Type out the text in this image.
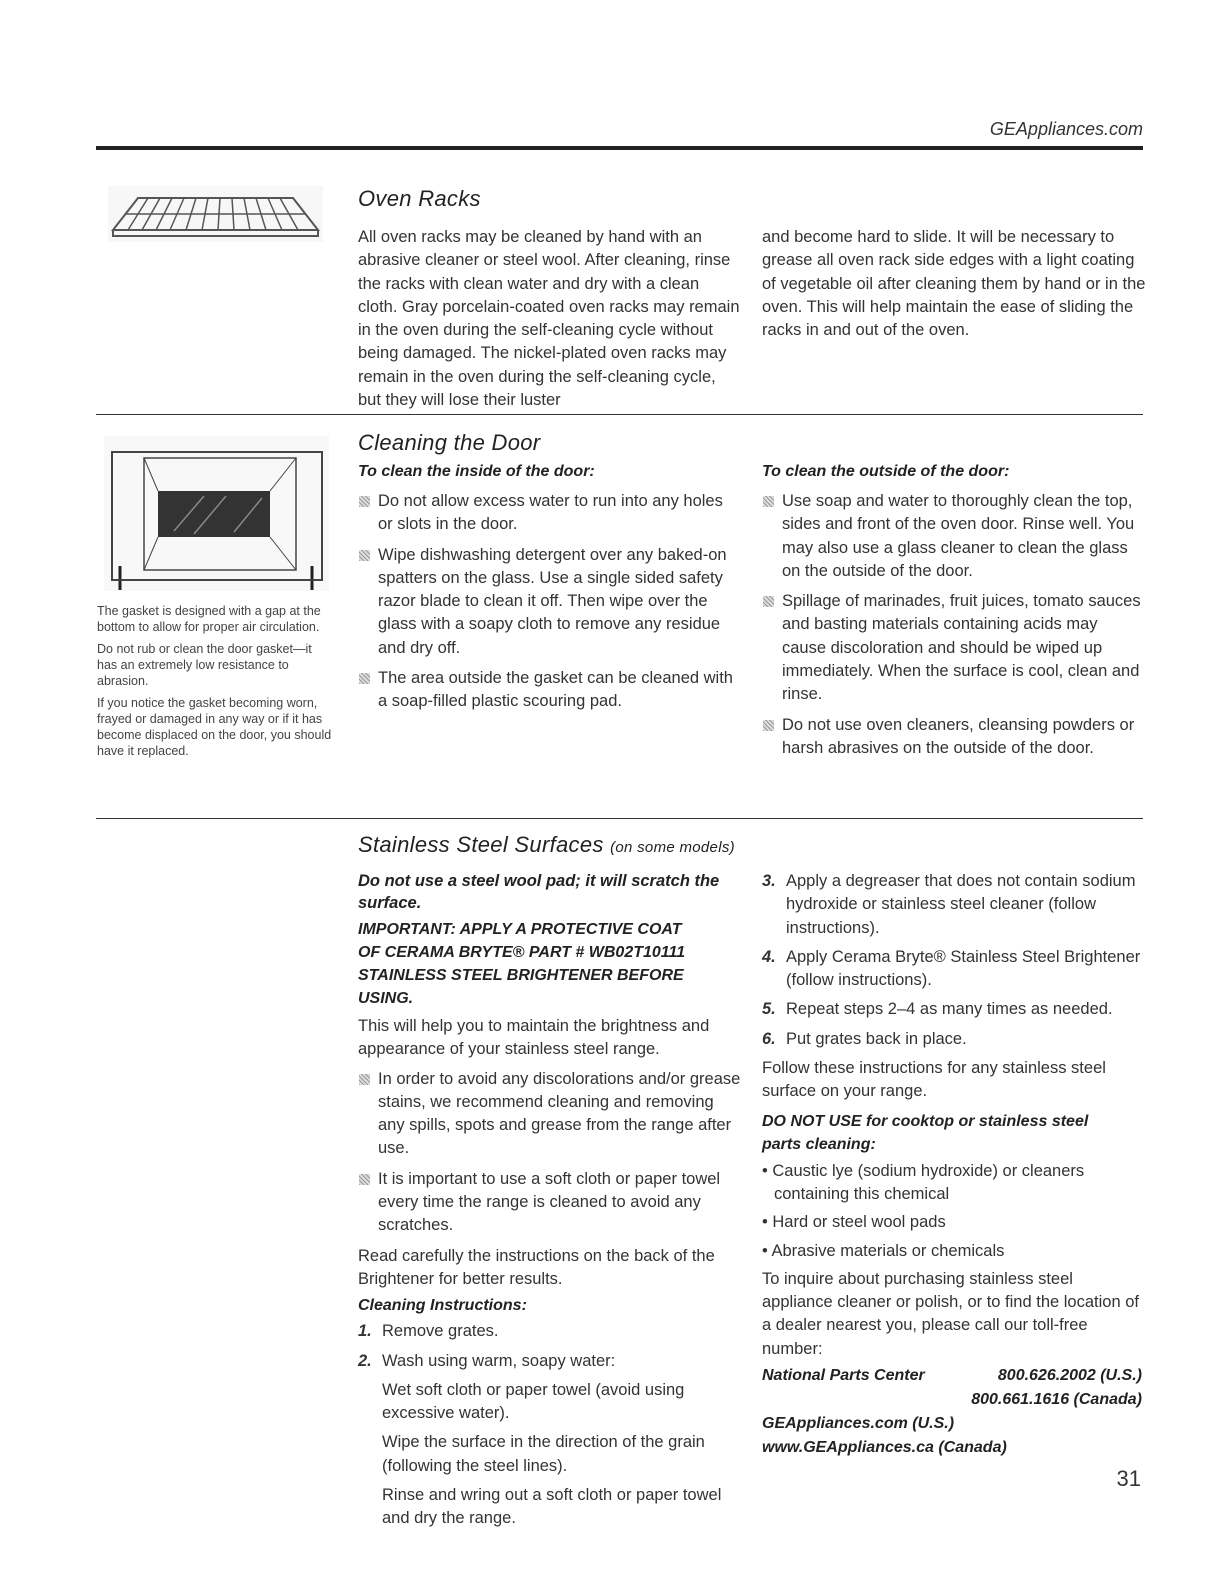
GEAppliances.com
Oven Racks
All oven racks may be cleaned by hand with an abrasive cleaner or steel wool. After cleaning, rinse the racks with clean water and dry with a clean cloth. Gray porcelain-coated oven racks may remain in the oven during the self-cleaning cycle without being damaged. The nickel-plated oven racks may remain in the oven during the self-cleaning cycle, but they will lose their luster
and become hard to slide. It will be necessary to grease all oven rack side edges with a light coating of vegetable oil after cleaning them by hand or in the oven. This will help maintain the ease of sliding the racks in and out of the oven.

The gasket is designed with a gap at the bottom to allow for proper air circulation.

Do not rub or clean the door gasket—it has an extremely low resistance to abrasion.

If you notice the gasket becoming worn, frayed or damaged in any way or if it has become displaced on the door, you should have it replaced.

Cleaning the Door
To clean the inside of the door:
Do not allow excess water to run into any holes or slots in the door.
Wipe dishwashing detergent over any baked-on spatters on the glass. Use a single sided safety razor blade to clean it off. Then wipe over the glass with a soapy cloth to remove any residue and dry off.
The area outside the gasket can be cleaned with a soap-filled plastic scouring pad.
To clean the outside of the door:
Use soap and water to thoroughly clean the top, sides and front of the oven door. Rinse well. You may also use a glass cleaner to clean the glass on the outside of the door.
Spillage of marinades, fruit juices, tomato sauces and basting materials containing acids may cause discoloration and should be wiped up immediately. When the surface is cool, clean and rinse.
Do not use oven cleaners, cleansing powders or harsh abrasives on the outside of the door.
Stainless Steel Surfaces (on some models)
Do not use a steel wool pad; it will scratch the surface.
IMPORTANT: APPLY A PROTECTIVE COAT OF CERAMA BRYTE® PART # WB02T10111 STAINLESS STEEL BRIGHTENER BEFORE USING.

This will help you to maintain the brightness and appearance of your stainless steel range.

In order to avoid any discolorations and/or grease stains, we recommend cleaning and removing any spills, spots and grease from the range after use.
It is important to use a soft cloth or paper towel every time the range is cleaned to avoid any scratches.

Read carefully the instructions on the back of the Brightener for better results.

Cleaning Instructions:
1. Remove grates.
2. Wash using warm, soapy water:
Wet soft cloth or paper towel (avoid using excessive water).
Wipe the surface in the direction of the grain (following the steel lines).
Rinse and wring out a soft cloth or paper towel and dry the range.
3. Apply a degreaser that does not contain sodium hydroxide or stainless steel cleaner (follow instructions).
4. Apply Cerama Bryte® Stainless Steel Brightener (follow instructions).
5. Repeat steps 2–4 as many times as needed.
6. Put grates back in place.

Follow these instructions for any stainless steel surface on your range.

DO NOT USE for cooktop or stainless steel parts cleaning:
• Caustic lye (sodium hydroxide) or cleaners containing this chemical
• Hard or steel wool pads
• Abrasive materials or chemicals

To inquire about purchasing stainless steel appliance cleaner or polish, or to find the location of a dealer nearest you, please call our toll-free number:

National Parts Center	800.626.2002 (U.S.)
800.661.1616 (Canada)
GEAppliances.com (U.S.)
www.GEAppliances.ca (Canada)
31
